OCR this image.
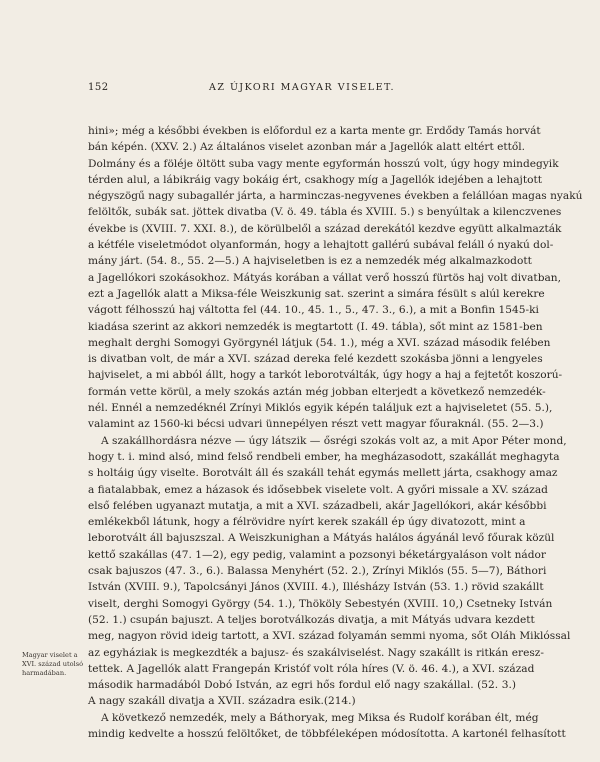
152	AZ ÚJKORI MAGYAR VISELET.
hini»; még a későbbi években is előfordul ez a karta mente gr. Erdődy Tamás horvát
bán képén. (XXV. 2.) Az általános viselet azonban már a Jagellók alatt eltért ettől.
Dolmány és a föléje öltött suba vagy mente egyformán hosszú volt, úgy hogy mindegyik
térden alul, a lábikráig vagy bokáig ért, csakhogy míg a Jagellók idejében a lehajtott
négyszögű nagy subagallér járta, a harminczas-negyvenes években a felállóan magas nyakú
felöltők, subák sat. jöttek divatba (V. ö. 49. tábla és XVIII. 5.) s benyúltak a kilenczvenes
évekbe is (XVIII. 7. XXI. 8.), de körülbelől a század derekától kezdve együtt alkalmazták
a kétféle viseletmódot olyanformán, hogy a lehajtott gallérú subával feláll ó nyakú dol-
mány járt. (54. 8., 55. 2—5.) A hajviseletben is ez a nemzedék még alkalmazkodott
a Jagellókori szokásokhoz. Mátyás korában a vállat verő hosszú fürtös haj volt divatban,
ezt a Jagellók alatt a Miksa-féle Weiszkunig sat. szerint a simára fésült s alúl kerekre
vágott félhosszú haj váltotta fel (44. 10., 45. 1., 5., 47. 3., 6.), a mit a Bonfin 1545-ki
kiadása szerint az akkori nemzedék is megtartott (I. 49. tábla), sőt mint az 1581-ben
meghalt derghi Somogyi Györgynél látjuk (54. 1.), még a XVI. század második felében
is divatban volt, de már a XVI. század dereka felé kezdett szokásba jönni a lengyeles
hajviselet, a mi abból állt, hogy a tarkót leborotválták, úgy hogy a haj a fejtetőt koszorú-
formán vette körül, a mely szokás aztán még jobban elterjedt a következő nemzedék-
nél. Ennél a nemzedéknél Zrínyi Miklós egyik képén találjuk ezt a hajviseletet (55. 5.),
valamint az 1560-ki bécsi udvari ünnepélyen részt vett magyar főuraknál. (55. 2—3.)
A szakállhordásra nézve — úgy látszik — ősrégi szokás volt az, a mit Apor Péter mond,
hogy t. i. mind alsó, mind felső rendbeli ember, ha megházasodott, szakállát meghagyta
s holtáig úgy viselte. Borotvált áll és szakáll tehát egymás mellett járta, csakhogy amaz
a fiatalabbak, emez a házasok és idősebbek viselete volt. A győri missale a XV. század
első felében ugyanazt mutatja, a mit a XVI. századbeli, akár Jagellókori, akár későbbi
emlékekből látunk, hogy a félrövidre nyírt kerek szakáll ép úgy divatozott, mint a
leborotvált áll bajuszszal. A Weiszkunighan a Mátyás halálos ágyánál levő főurak közül
kettő szakállas (47. 1—2), egy pedig, valamint a pozsonyi béketárgyaláson volt nádor
csak bajuszos (47. 3., 6.). Balassa Menyhért (52. 2.), Zrínyi Miklós (55. 5—7), Báthori
István (XVIII. 9.), Tapolcsányi János (XVIII. 4.), Illésházy István (53. 1.) rövid szakállt
viselt, derghi Somogyi György (54. 1.), Thököly Sebestyén (XVIII. 10,) Csetneky István
(52. 1.) csupán bajuszt. A teljes borotválkozás divatja, a mit Mátyás udvara kezdett
meg, nagyon rövid ideig tartott, a XVI. század folyamán semmi nyoma, sőt Oláh Miklóssal
az egyháziak is megkezdték a bajusz- és szakálviselést. Nagy szakállt is ritkán eresz-
tettek. A Jagellók alatt Frangepán Kristóf volt róla híres (V. ö. 46. 4.), a XVI. század
második harmadából Dobó István, az egri hős fordul elő nagy szakállal. (52. 3.)
A nagy szakáll divatja a XVII. századra esik.(214.)
A következő nemzedék, mely a Báthoryak, meg Miksa és Rudolf korában élt, még
mindig kedvelte a hosszú felöltőket, de többféleképen módosította. A kartonél felhasított
Magyar viselet a
XVI. század utolsó
harmadában.
